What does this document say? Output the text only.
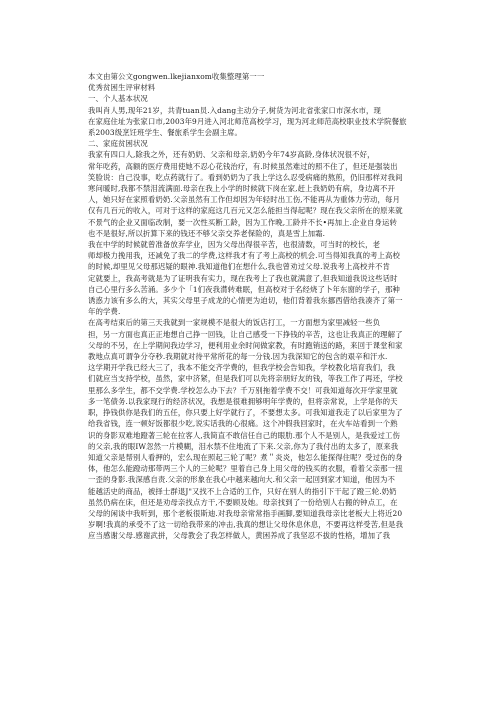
本文由第公文gongwen.lkejianxom收集整理第一一
优秀贫困生评审材料
一、个人基本状况
我叫肖人男,现年21岁，共青tuan员.入dang主动分子,树货为河北省张家口市深水市，现
在家庭住址为张家口市,2003年9月进入河北师范高校学习，现为河北师范高校职业技术学院餐旅
系2003级烹饪班学生、餐旅系学生会副主席。
二、家庭贫困状况
我家有四口人,除我之外，还有奶奶、父亲和母亲,奶奶今年74岁高龄,身体状况很不好，
常年吃药，高额的医疗费用使她不忍心花钱治疗，有.时候虽然难过的照不住了，但还是强装出
笑脸说：自己没事，吃点药就行了。看到奶奶为了我上学这么忍受病痛的熬煎，仍旧那样对我间
寒问暖时,我都不禁泪流满面.母亲在我上小学的时候就下岗在家,赶上我奶奶有病，身边离不开
人，她只好在家照看奶奶.父亲虽然有工作但却因为年轻时出工伤,不能再从为重体力劳动，每月
仅有几百元的收入，可对于这样的家庭这几百元又怎么能担当得起呢？现在我父亲所在的原来就
不景气的企业又面临改制，要一次性买断工龄，因为工作晚,工龄并不长•再加上.企业自身运转
也不是很好,所以折算下来的钱还不够父亲交养老保险的，真是雪上加霜.
我在中学的时候就曾准备放弃学业，因为父母出得很辛苦，也很清数，可当时的校长，老
师却极力挽用我，还减免了我二的学费,这样我才有了考上高校的机会.可当得知我真的考上高校
的时候,却里见父母那迟疑的眼神.我知道他们在想什么,我也曾劝过父母.说我考上高校并不肯
定就要上，我高考就是为了证明我有实力，现在我考上了我也就满意了,但我知道我说这些话时
自己心里行多么苦涌。多少个「1们夜我潸转难眠，但高校对于名经烧了卜年东窗的学子，那种
诱惑力该有多么的大，其实父母里子成龙的心情更为迫切，他们背着我东挪西借给我凑齐了第一
年的学费.
在高考结束后的第三天我就到一家规模不是很大的饭店打工，一方面想为家里减轻一些负
担，另一方面也真正正地想自己挣一回钱，让自己感受一下挣钱的辛苦，这也让我真正的理解了
父母的不另，在上学期间我边学习，便利用业余时间做家教，有时跑销送的路，来回于课堂和家
教地点真可谓争分夺秒.我期就对待平常所花的每一分钱.因为我深知它的包含的艰辛和汗水.
这学期开学我已经大三了，我本不能交齐学费的，但我学校会告知我，学校教化培育我们，我
们就应当支持学校，虽然，家中济紧，但是我们可以先将亲朋好友的钱，等我工作了再还，学校
里那么多学生，都不交学费.学校怎么办下去？千万别拖着学费不交！可我知道每次开学家里就
多一笔债务.以我家现行的经济状况，我想是很难拥够明年学费的，但将亲常说，上学是你的天
职，挣钱供你是我们的五任，你只要上好学就行了，不要想太多。可我知道我走了以后家里为了
给我省钱，连一顿好饭都很少吃,说实话我的心很痛。这个冲假我回家时，在火车站看到一个熟
识的身影双难地蹬著三轮在拉客人,我简直不敢信任自己的眼肋.那个人不是别人，是我爱过工伤
的父亲,我的眼IW忽然一片模糊，泪水禁不住地流了下来.父亲,你为了我付出的太多了，原来我
知道父亲是帮别人看押的，宏么现在照起三轮了呢？煮＂炎炎，他怎么能探得住呢？受过伤的身
体，他怎么能蹬动那带两三个人的三轮呢？里着自己身上用父母的钱买的衣服，看着父亲那一扭
一歪的身影.我深感自责.父亲的形象在我心中越来越向大.和父亲一起回到家才知道，他因为不
能越活史的商品，被择士群退J"又找不上合适的工作，只好在别人的指引下干起了蹬三轮.奶奶
虽然仍病在床，但还是劝母亲找点方干,不要顾及她。母亲找到了一份给别人右搬的钟点工，在
父母的闲谈中我听到，那个老板很斯迪.对我母亲常常指手画脚,要知道我母亲比老板大上将近20
岁啊!我真的承受不了这一切给我带来的冲击,我真的想让父母休息休息，不要再这样受苦,但是我
应当感谢父母.感谢武拼，父母教会了我怎样做人，黄困养成了我坚忍不拔的性格，增加了我
